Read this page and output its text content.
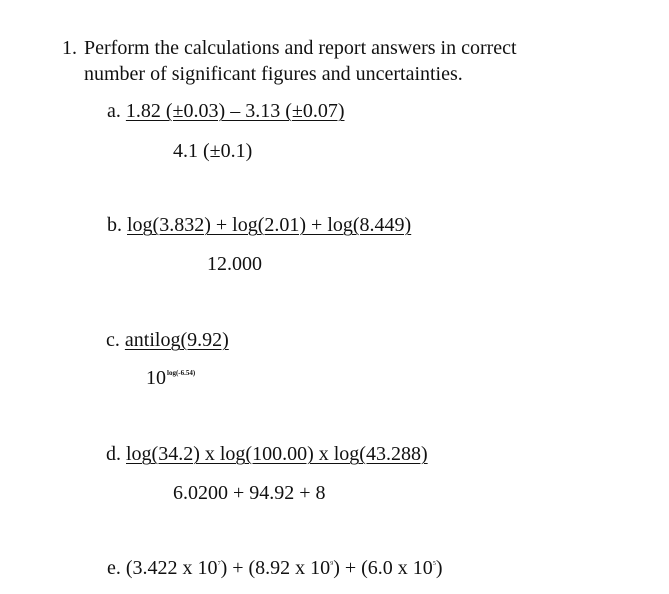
1. Perform the calculations and report answers in correct
number of significant figures and uncertainties.
a. 1.82 (±0.03) – 3.13 (±0.07)
4.1 (±0.1)
b. log(3.832) + log(2.01) + log(8.449)
12.000
c. antilog(9.92)
$10^{log(-6.54)}$
d. log(34.2) x log(100.00) x log(43.288)
6.0200 + 94.92 + 8
e. (3.422 x $10^7) + (8.92$ x $10^9) + (6.0$ x $10^5$)
